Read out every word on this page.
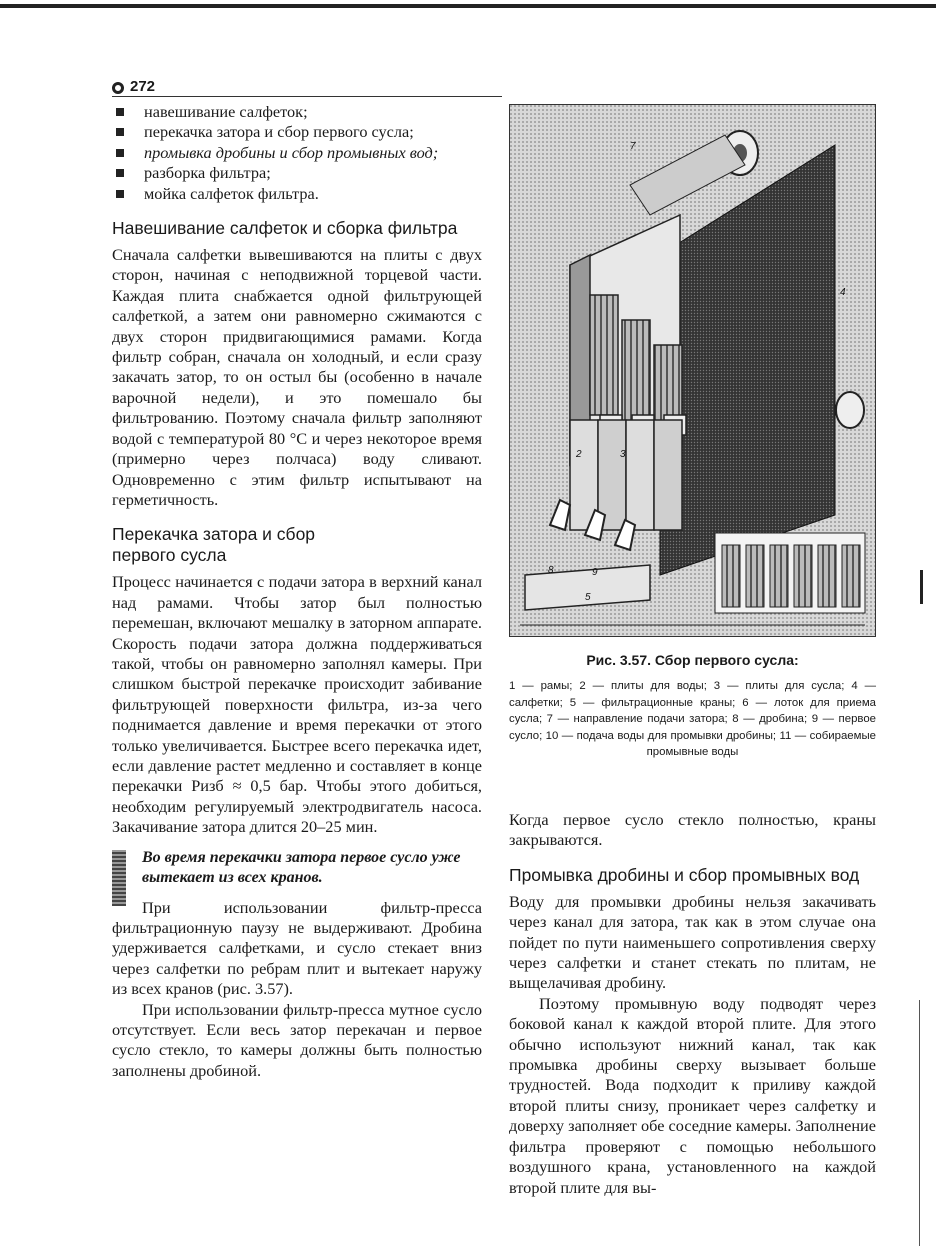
272
навешивание салфеток;
перекачка затора и сбор первого сусла;
промывка дробины и сбор промывных вод;
разборка фильтра;
мойка салфеток фильтра.
Навешивание салфеток и сборка фильтра

Сначала салфетки вывешиваются на плиты с двух сторон, начиная с неподвижной торцевой части. Каждая плита снабжается одной фильтрующей салфеткой, а затем они равномерно сжимаются с двух сторон придвигающимися рамами. Когда фильтр собран, сначала он холодный, и если сразу закачать затор, то он остыл бы (особенно в начале варочной недели), и это помешало бы фильтрованию. Поэтому сначала фильтр заполняют водой с температурой 80 °С и через некоторое время (примерно через полчаса) воду сливают. Одновременно с этим фильтр испытывают на герметичность.

Перекачка затора и сбор первого сусла

Процесс начинается с подачи затора в верхний канал над рамами. Чтобы затор был полностью перемешан, включают мешалку в заторном аппарате. Скорость подачи затора должна поддерживаться такой, чтобы он равномерно заполнял камеры. При слишком быстрой перекачке происходит забивание фильтрующей поверхности фильтра, из-за чего поднимается давление и время перекачки от этого только увеличивается. Быстрее всего перекачка идет, если давление растет медленно и составляет в конце перекачки Pизб ≈ 0,5 бар. Чтобы этого добиться, необходим регулируемый электродвигатель насоса. Закачивание затора длится 20–25 мин.

Во время перекачки затора первое сусло уже вытекает из всех кранов.

При использовании фильтр-пресса фильтрационную паузу не выдерживают. Дробина удерживается салфетками, и сусло стекает вниз через салфетки по ребрам плит и вытекает наружу из всех кранов (рис. 3.57).

При использовании фильтр-пресса мутное сусло отсутствует. Если весь затор перекачан и первое сусло стекло, то камеры должны быть полностью заполнены дробиной.

7
4
2	3
8	9
5
Рис. 3.57. Сбор первого сусла:
1 — рамы; 2 — плиты для воды; 3 — плиты для сусла; 4 — салфетки; 5 — фильтрационные краны; 6 — лоток для приема сусла; 7 — направление подачи затора; 8 — дробина; 9 — первое сусло; 10 — подача воды для промывки дробины; 11 — собираемые промывные воды

Когда первое сусло стекло полностью, краны закрываются.

Промывка дробины и сбор промывных вод

Воду для промывки дробины нельзя закачивать через канал для затора, так как в этом случае она пойдет по пути наименьшего сопротивления сверху через салфетки и станет стекать по плитам, не выщелачивая дробину.

Поэтому промывную воду подводят через боковой канал к каждой второй плите. Для этого обычно используют нижний канал, так как промывка дробины сверху вызывает больше трудностей. Вода подходит к приливу каждой второй плиты снизу, проникает через салфетку и доверху заполняет обе соседние камеры. Заполнение фильтра проверяют с помощью небольшого воздушного крана, установленного на каждой второй плите для вы-
